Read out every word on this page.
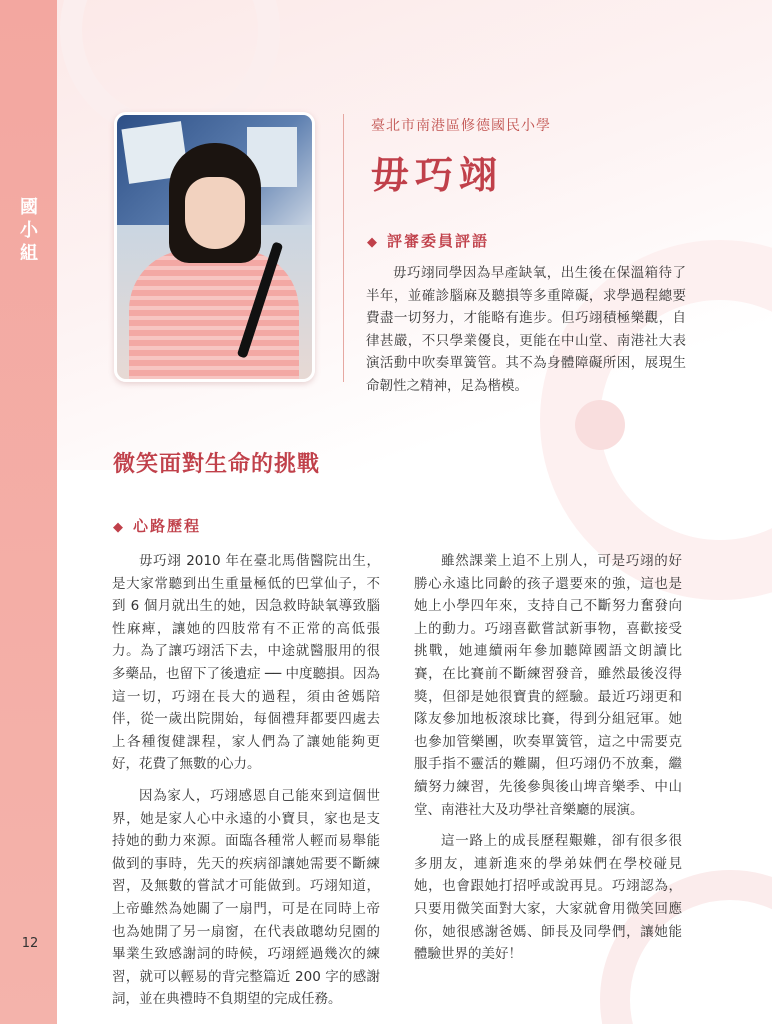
國
小
組
12
臺北市南港區修德國民小學
毋巧翊
◆ 評審委員評語
毋巧翊同學因為早產缺氧，出生後在保溫箱待了半年，並確診腦麻及聽損等多重障礙，求學過程總要費盡一切努力，才能略有進步。但巧翊積極樂觀，自律甚嚴，不只學業優良，更能在中山堂、南港社大表演活動中吹奏單簧管。其不為身體障礙所困，展現生命韌性之精神，足為楷模。
微笑面對生命的挑戰
◆ 心路歷程

毋巧翊 2010 年在臺北馬偕醫院出生，是大家常聽到出生重量極低的巴掌仙子，不到 6 個月就出生的她，因急救時缺氧導致腦性麻痺，讓她的四肢常有不正常的高低張力。為了讓巧翊活下去，中途就醫服用的很多藥品，也留下了後遺症 ── 中度聽損。因為這一切，巧翊在長大的過程，須由爸媽陪伴，從一歲出院開始，每個禮拜都要四處去上各種復健課程，家人們為了讓她能夠更好，花費了無數的心力。

因為家人，巧翊感恩自己能來到這個世界，她是家人心中永遠的小寶貝，家也是支持她的動力來源。面臨各種常人輕而易舉能做到的事時，先天的疾病卻讓她需要不斷練習，及無數的嘗試才可能做到。巧翊知道，上帝雖然為她關了一扇門，可是在同時上帝也為她開了另一扇窗，在代表啟聰幼兒園的畢業生致感謝詞的時候，巧翊經過幾次的練習，就可以輕易的背完整篇近 200 字的感謝詞，並在典禮時不負期望的完成任務。

雖然課業上追不上別人，可是巧翊的好勝心永遠比同齡的孩子還要來的強，這也是她上小學四年來，支持自己不斷努力奮發向上的動力。巧翊喜歡嘗試新事物，喜歡接受挑戰，她連續兩年參加聽障國語文朗讀比賽，在比賽前不斷練習發音，雖然最後沒得獎，但卻是她很寶貴的經驗。最近巧翊更和隊友參加地板滾球比賽，得到分組冠軍。她也參加管樂團，吹奏單簧管，這之中需要克服手指不靈活的難關，但巧翊仍不放棄，繼續努力練習，先後參與後山埤音樂季、中山堂、南港社大及功學社音樂廳的展演。

這一路上的成長歷程艱難，卻有很多很多朋友，連新進來的學弟妹們在學校碰見她，也會跟她打招呼或說再見。巧翊認為，只要用微笑面對大家，大家就會用微笑回應你，她很感謝爸媽、師長及同學們，讓她能體驗世界的美好！
